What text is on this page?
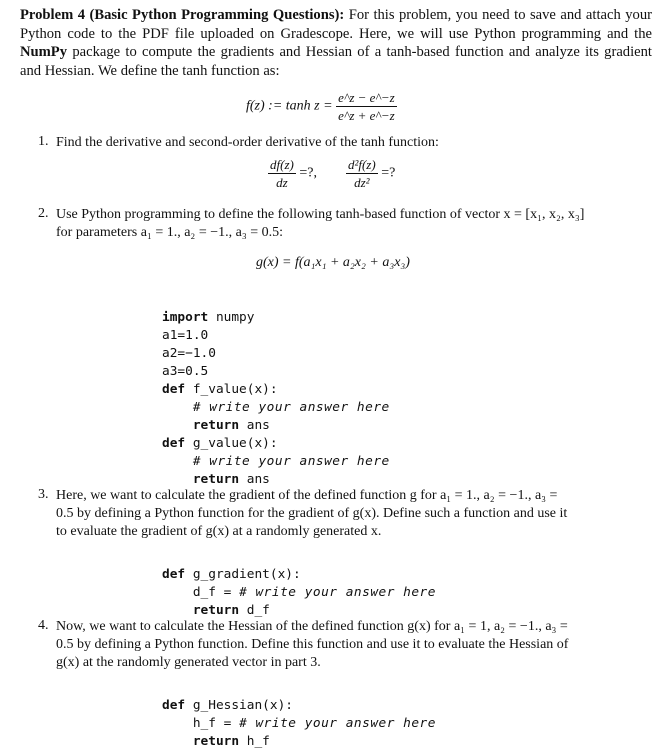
Problem 4 (Basic Python Programming Questions): For this problem, you need to save and attach your Python code to the PDF file uploaded on Gradescope. Here, we will use Python programming and the NumPy package to compute the gradients and Hessian of a tanh-based function and analyze its gradient and Hessian. We define the tanh function as:

f(z) := $\tanh z = \frac{e\^{}z - e\^{}-z}{e\^{}z + e\^{}-z}$
1. Find the derivative and second-order derivative of the tanh function:

$\frac{df(z)}{dz}$ =?, $\frac{\text{d²f(z)}}{\text{dz²}}$ =?
2. Use Python programming to define the following tanh-based function of vector x = [x₁, x₂, x₃]

for parameters a₁ = 1., a₂ = −1., a₃ = 0.5:

g(x) = f(a₁x₁ + a₂x₂ + a₃x₃)

import numpy
a1=1.0
a2=−1.0
a3=0.5
def f_value(x):
# write your answer here
return ans
def g_value(x):
# write your answer here
return ans
3. Here, we want to calculate the gradient of the defined function g for a₁ = 1., a₂ = −1., a₃ =

0.5 by defining a Python function for the gradient of g(x). Define such a function and use it

to evaluate the gradient of g(x) at a randomly generated x.

def g_gradient(x):
d_f = # write your answer here
return d_f
4. Now, we want to calculate the Hessian of the defined function g(x) for a₁ = 1, a₂ = −1., a₃ =

0.5 by defining a Python function. Define this function and use it to evaluate the Hessian of

g(x) at the randomly generated vector in part 3.

def g_Hessian(x):
h_f = # write your answer here
return h_f
